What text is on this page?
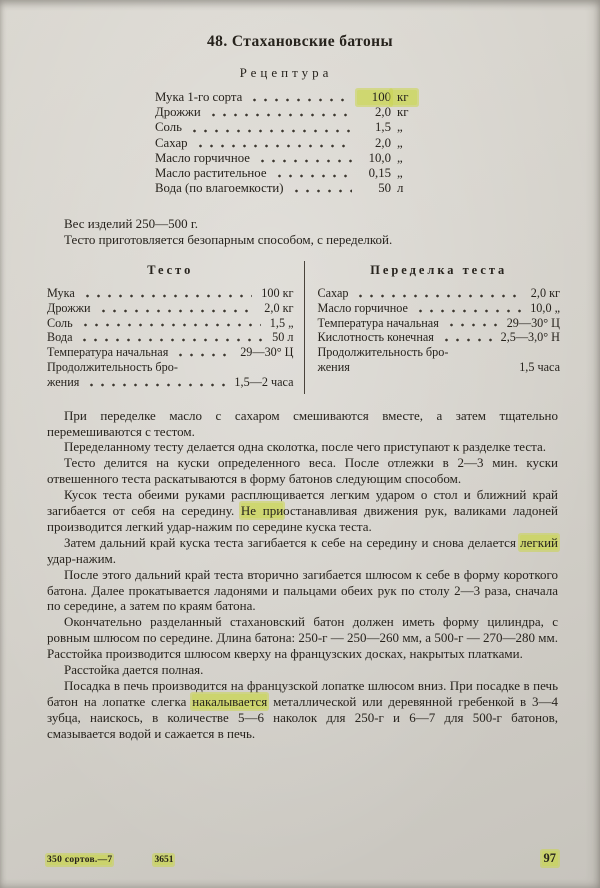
48. Стахановские батоны
Рецептура
Мука 1-го сорта	100 кг
Дрожжи	2,0 кг
Соль	1,5 „
Сахар	2,0 „
Масло горчичное	10,0 „
Масло растительное	0,15 „
Вода (по влагоемкости)	50 л

Вес изделий 250—500 г.

Тесто приготовляется безопарным способом, с переделкой.

Тесто
Мука	100 кг
Дрожжи	2,0 кг
Соль	1,5 „
Вода	50 л
Температура начальная	29—30° Ц
Продолжительность бро-
жения	1,5—2 часа
Переделка теста
Сахар	2,0 кг
Масло горчичное	10,0 „
Температура начальная	29—30° Ц
Кислотность конечная	2,5—3,0° Н
Продолжительность бро-
жения	1,5 часа

При переделке масло с сахаром смешиваются вместе, а затем тщательно перемешиваются с тестом.

Переделанному тесту делается одна сколотка, после чего приступают к разделке теста.

Тесто делится на куски определенного веса. После отлежки в 2—3 мин. куски отвешенного теста раскатываются в форму батонов следующим способом.

Кусок теста обеими руками расплющивается легким ударом о стол и ближний край загибается от себя на середину. Не приостанавливая движения рук, валиками ладоней производится легкий удар-нажим по середине куска теста.

Затем дальний край куска теста загибается к себе на середину и снова делается легкий удар-нажим.

После этого дальний край теста вторично загибается шлюсом к себе в форму короткого батона. Далее прокатывается ладонями и пальцами обеих рук по столу 2—3 раза, сначала по середине, а затем по краям батона.

Окончательно разделанный стахановский батон должен иметь форму цилиндра, с ровным шлюсом по середине. Длина батона: 250-г — 250—260 мм, а 500-г — 270—280 мм. Расстойка производится шлюсом кверху на французских досках, накрытых платками.

Расстойка дается полная.

Посадка в печь производится на французской лопатке шлюсом вниз. При посадке в печь батон на лопатке слегка накалывается металлической или деревянной гребенкой в 3—4 зубца, наискось, в количестве 5—6 наколок для 250-г и 6—7 для 500-г батонов, смазывается водой и сажается в печь.

350 сортов.—7	3651	97
